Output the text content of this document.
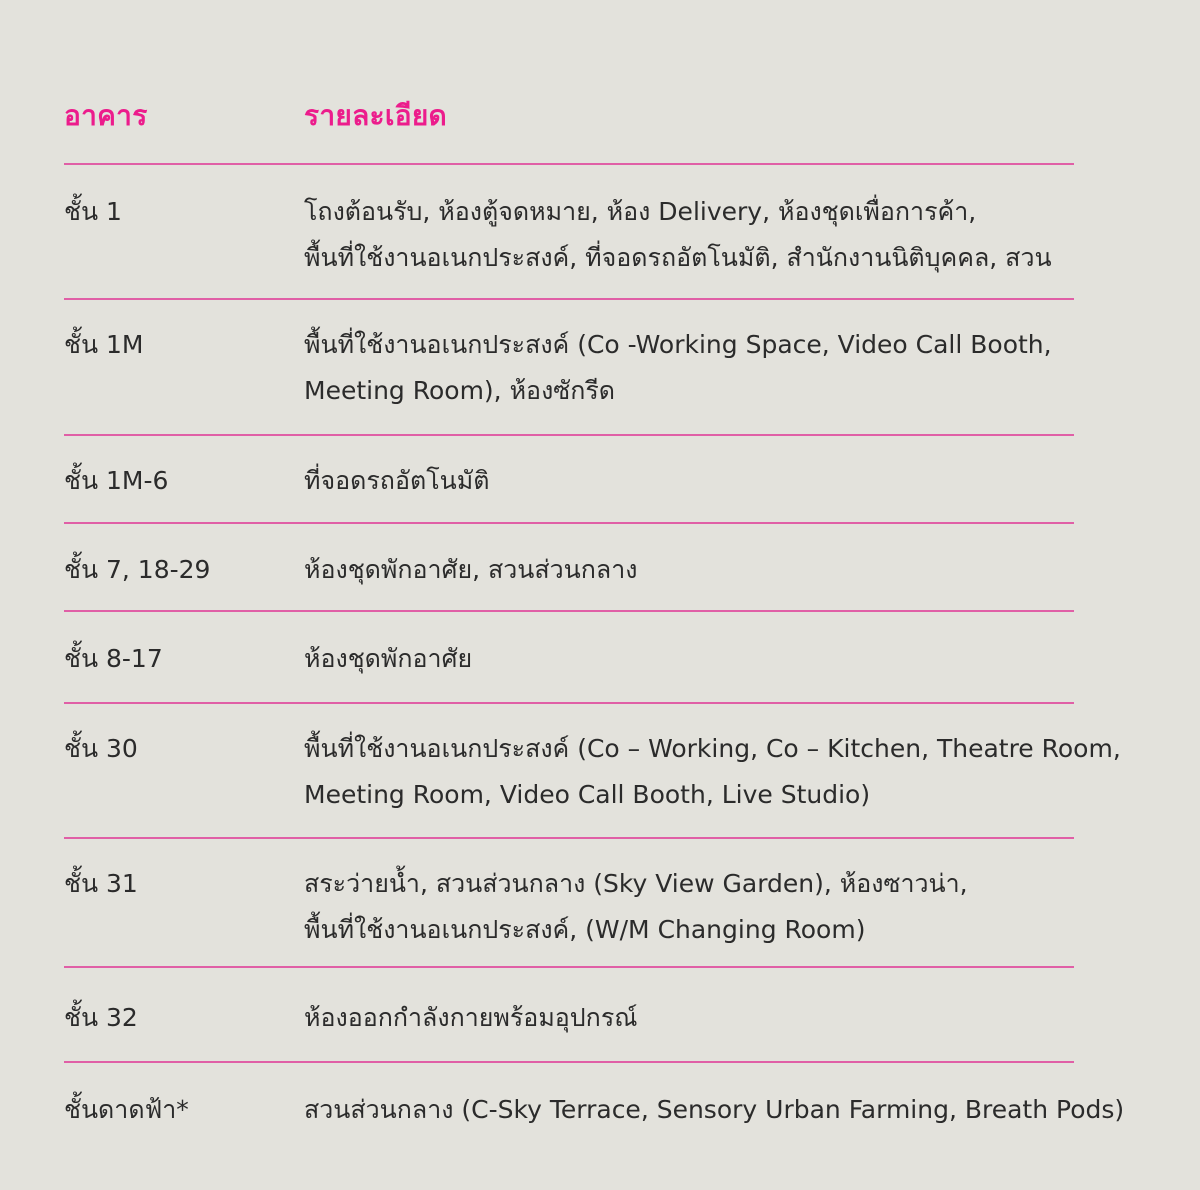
อาคาร	รายละเอียด
ชั้น 1	โถงต้อนรับ, ห้องตู้จดหมาย, ห้อง Delivery, ห้องชุดเพื่อการค้า,
พื้นที่ใช้งานอเนกประสงค์, ที่จอดรถอัตโนมัติ, สำนักงานนิติบุคคล, สวน
ชั้น 1M	พื้นที่ใช้งานอเนกประสงค์ (Co -Working Space, Video Call Booth,
Meeting Room), ห้องซักรีด
ชั้น 1M-6	ที่จอดรถอัตโนมัติ
ชั้น 7, 18-29	ห้องชุดพักอาศัย, สวนส่วนกลาง
ชั้น 8-17	ห้องชุดพักอาศัย
ชั้น 30	พื้นที่ใช้งานอเนกประสงค์ (Co – Working, Co – Kitchen, Theatre Room,
Meeting Room, Video Call Booth, Live Studio)
ชั้น 31	สระว่ายน้ำ, สวนส่วนกลาง (Sky View Garden), ห้องซาวน่า,
พื้นที่ใช้งานอเนกประสงค์, (W/M Changing Room)
ชั้น 32	ห้องออกกำลังกายพร้อมอุปกรณ์
ชั้นดาดฟ้า*	สวนส่วนกลาง (C-Sky Terrace, Sensory Urban Farming, Breath Pods)
